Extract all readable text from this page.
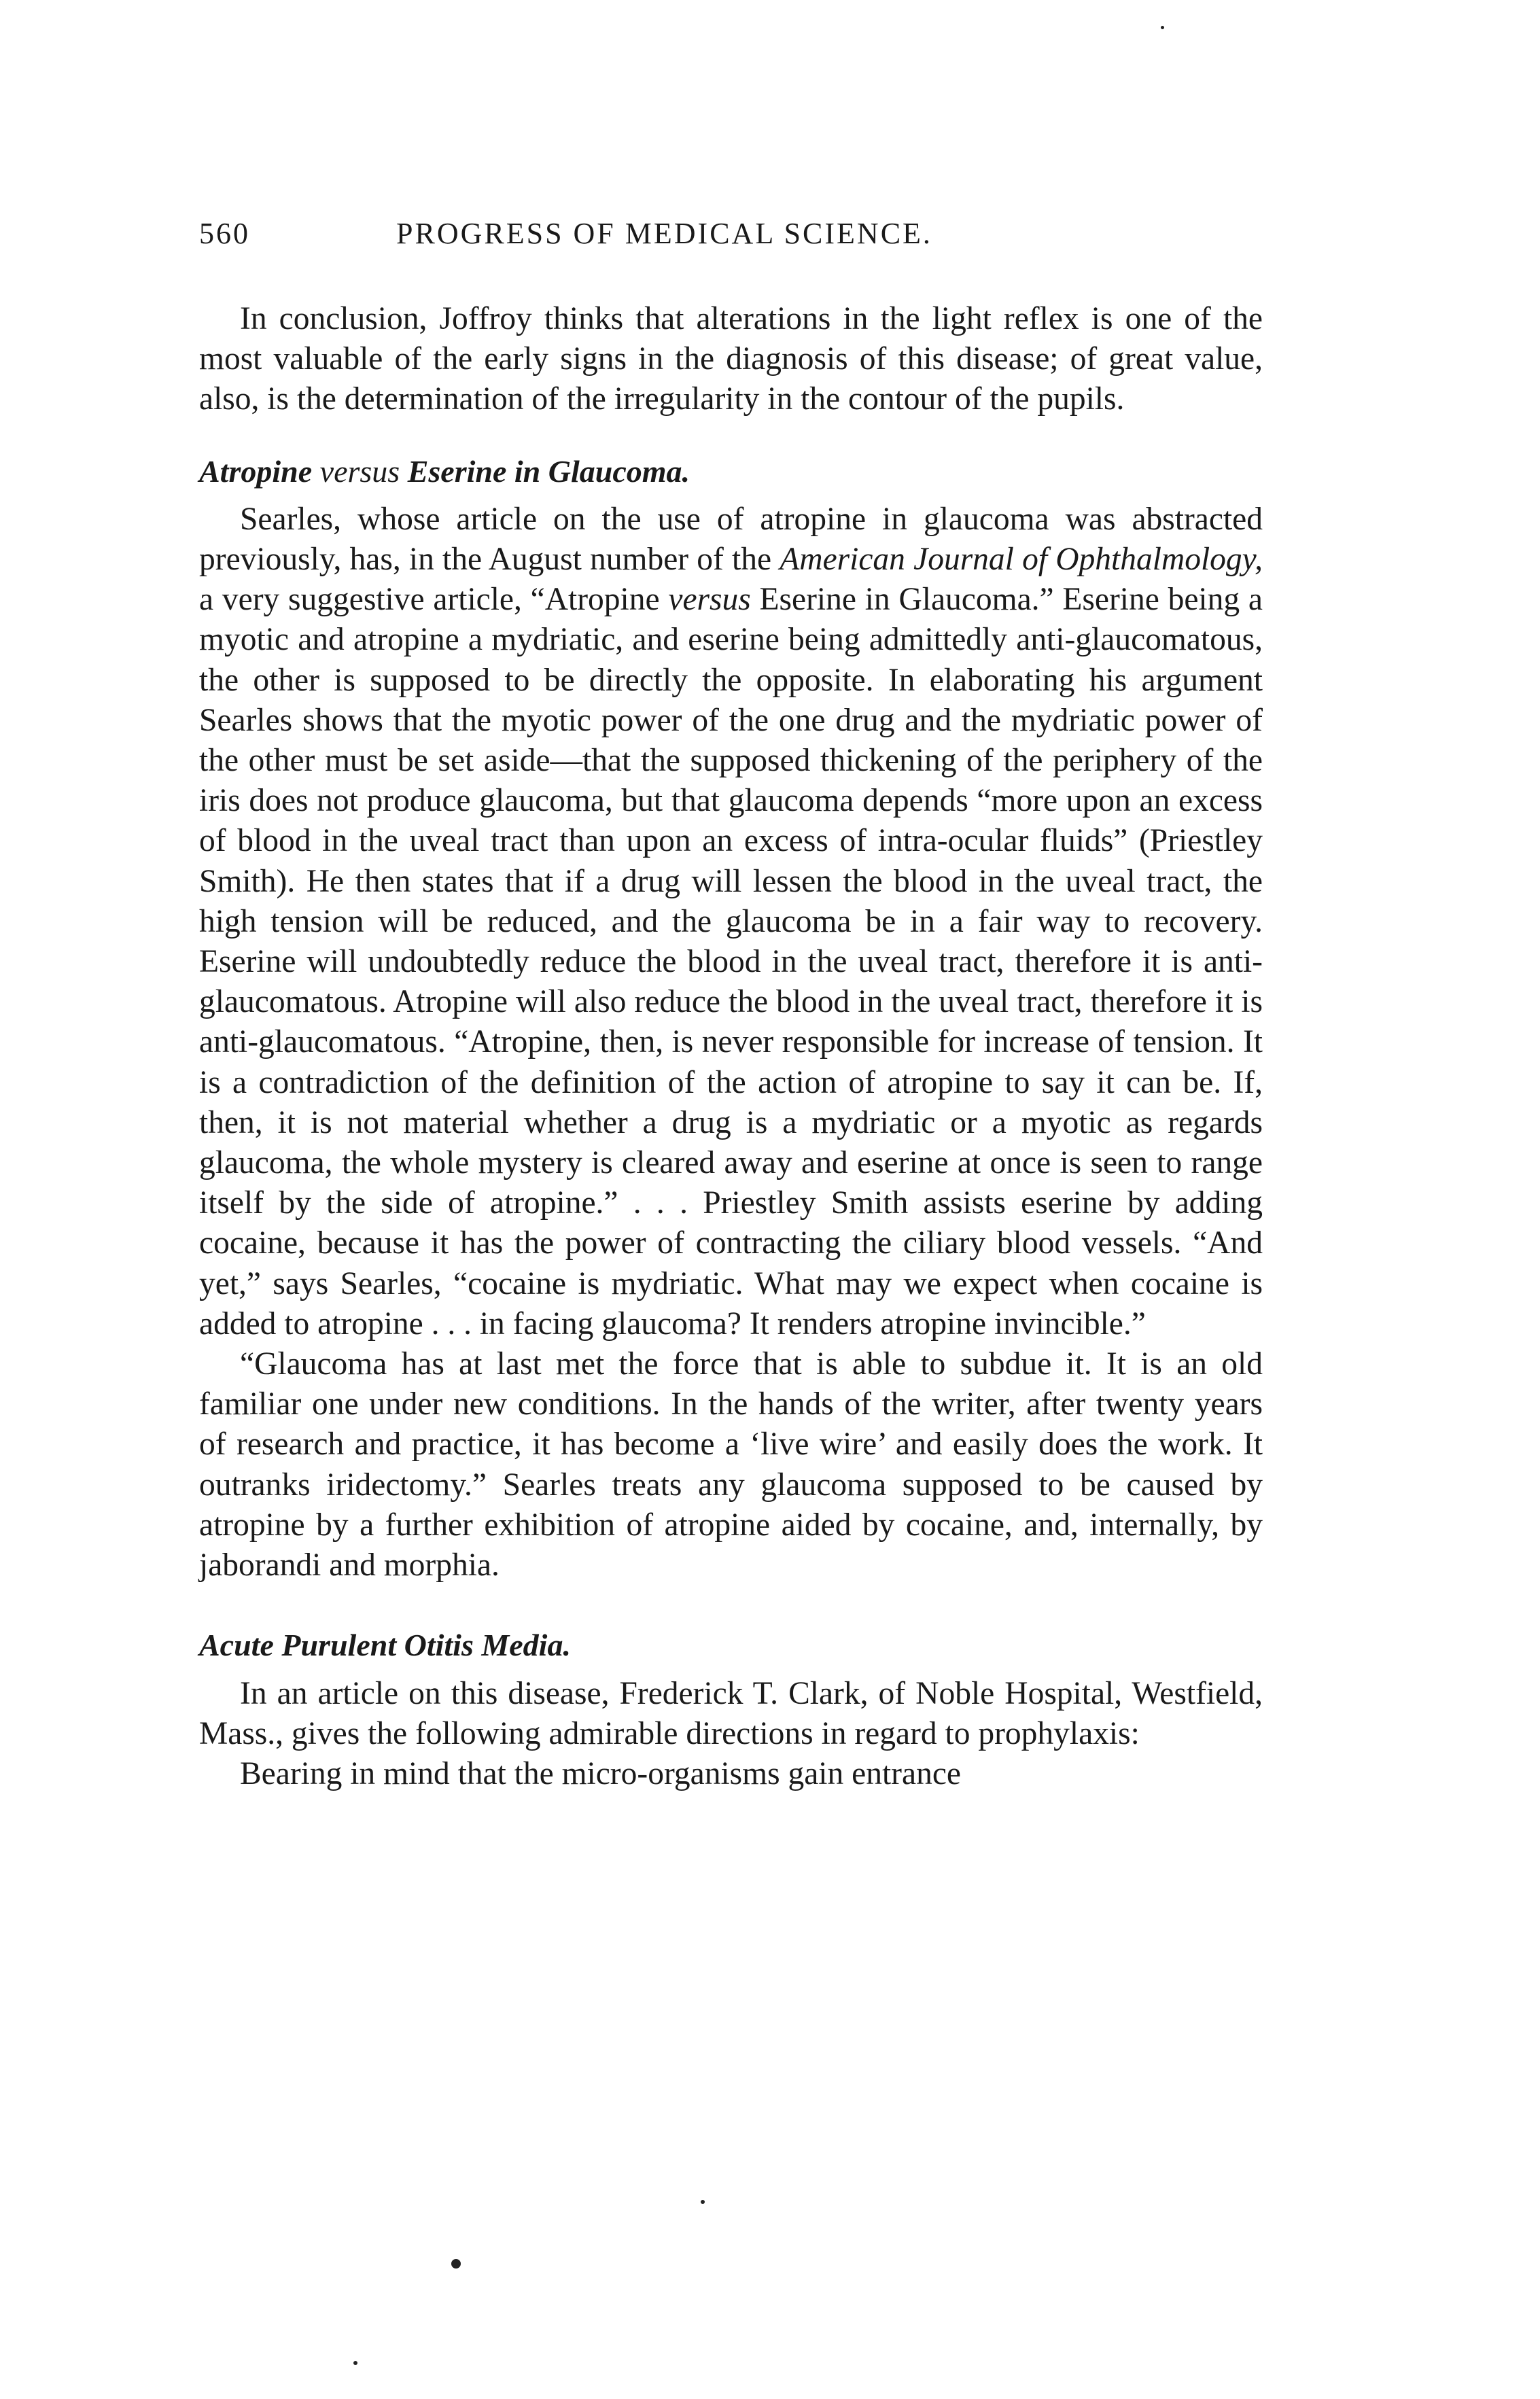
560	PROGRESS OF MEDICAL SCIENCE.

In conclusion, Joffroy thinks that alterations in the light reflex is one of the most valuable of the early signs in the diagnosis of this disease; of great value, also, is the determination of the irregularity in the contour of the pupils.

Atropine versus Eserine in Glaucoma.

Searles, whose article on the use of atropine in glaucoma was abstracted previously, has, in the August number of the American Journal of Ophthalmology, a very suggestive article, “Atropine versus Eserine in Glaucoma.” Eserine being a myotic and atropine a mydriatic, and eserine being admittedly anti-glaucomatous, the other is supposed to be directly the opposite. In elaborating his argument Searles shows that the myotic power of the one drug and the mydriatic power of the other must be set aside—that the supposed thickening of the periphery of the iris does not produce glaucoma, but that glaucoma depends “more upon an excess of blood in the uveal tract than upon an excess of intra-ocular fluids” (Priestley Smith). He then states that if a drug will lessen the blood in the uveal tract, the high tension will be reduced, and the glaucoma be in a fair way to recovery. Eserine will undoubtedly reduce the blood in the uveal tract, therefore it is anti-glaucomatous. Atropine will also reduce the blood in the uveal tract, therefore it is anti-glaucomatous. “Atropine, then, is never responsible for increase of tension. It is a contradiction of the definition of the action of atropine to say it can be. If, then, it is not material whether a drug is a mydriatic or a myotic as regards glaucoma, the whole mystery is cleared away and eserine at once is seen to range itself by the side of atropine.” . . . Priestley Smith assists eserine by adding cocaine, because it has the power of contracting the ciliary blood vessels. “And yet,” says Searles, “cocaine is mydriatic. What may we expect when cocaine is added to atropine . . . in facing glaucoma? It renders atropine invincible.”

“Glaucoma has at last met the force that is able to subdue it. It is an old familiar one under new conditions. In the hands of the writer, after twenty years of research and practice, it has become a ‘live wire’ and easily does the work. It outranks iridectomy.” Searles treats any glaucoma supposed to be caused by atropine by a further exhibition of atropine aided by cocaine, and, internally, by jaborandi and morphia.

Acute Purulent Otitis Media.

In an article on this disease, Frederick T. Clark, of Noble Hospital, Westfield, Mass., gives the following admirable directions in regard to prophylaxis:

Bearing in mind that the micro-organisms gain entrance
